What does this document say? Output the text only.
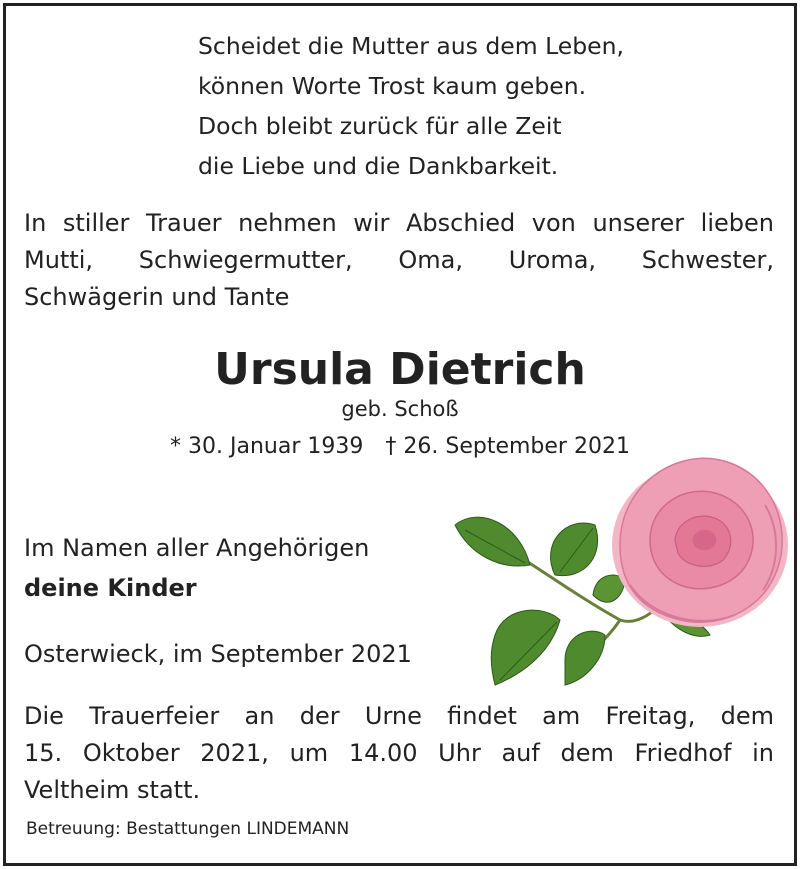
Scheidet die Mutter aus dem Leben,
können Worte Trost kaum geben.
Doch bleibt zurück für alle Zeit
die Liebe und die Dankbarkeit.
In stiller Trauer nehmen wir Abschied von unserer lieben
Mutti, Schwiegermutter, Oma, Uroma, Schwester,
Schwägerin und Tante
Ursula Dietrich
geb. Schoß
* 30. Januar 1939 † 26. September 2021
Im Namen aller Angehörigen
deine Kinder
Osterwieck, im September 2021
Die Trauerfeier an der Urne findet am Freitag, dem
15. Oktober 2021, um 14.00 Uhr auf dem Friedhof in
Veltheim statt.
Betreuung: Bestattungen LINDEMANN
